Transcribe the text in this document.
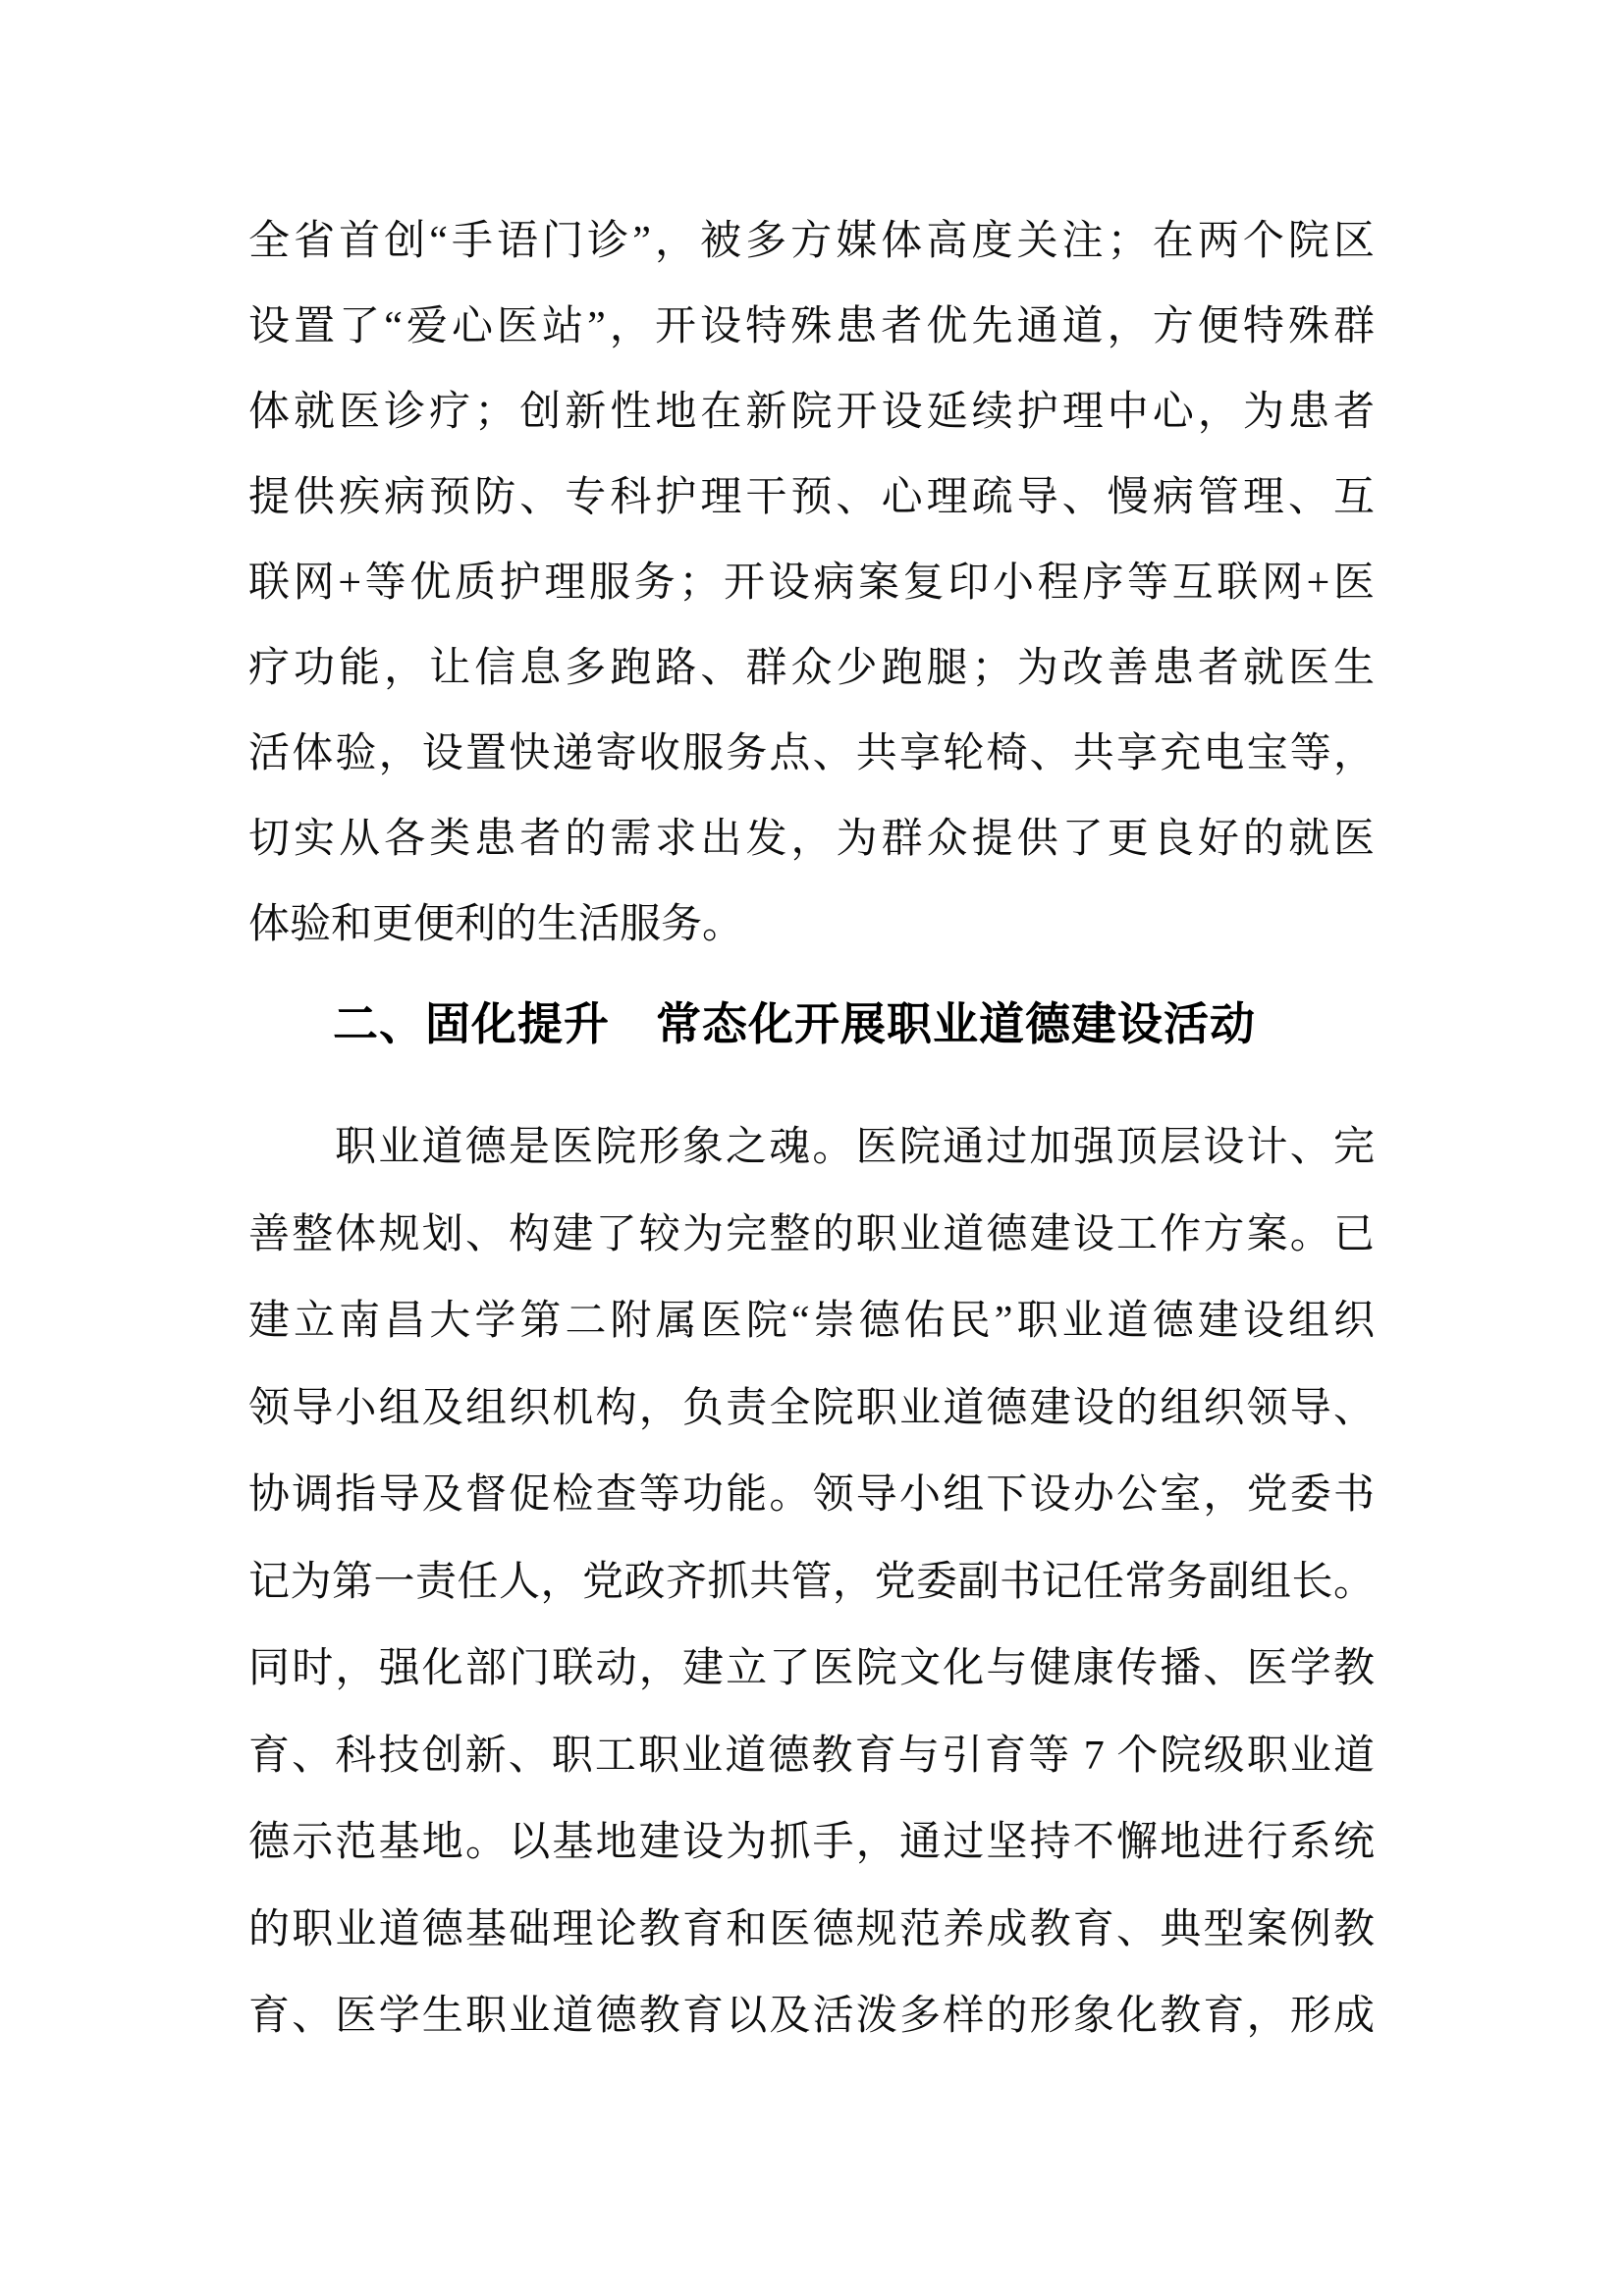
全省首创“手语门诊”，被多方媒体高度关注；在两个院区
设置了“爱心医站”，开设特殊患者优先通道，方便特殊群
体就医诊疗；创新性地在新院开设延续护理中心，为患者
提供疾病预防、专科护理干预、心理疏导、慢病管理、互
联网+等优质护理服务；开设病案复印小程序等互联网+医
疗功能，让信息多跑路、群众少跑腿；为改善患者就医生
活体验，设置快递寄收服务点、共享轮椅、共享充电宝等，
切实从各类患者的需求出发，为群众提供了更良好的就医
体验和更便利的生活服务。
二、固化提升　常态化开展职业道德建设活动
职业道德是医院形象之魂。医院通过加强顶层设计、完
善整体规划、构建了较为完整的职业道德建设工作方案。已
建立南昌大学第二附属医院“崇德佑民”职业道德建设组织
领导小组及组织机构，负责全院职业道德建设的组织领导、
协调指导及督促检查等功能。领导小组下设办公室，党委书
记为第一责任人，党政齐抓共管，党委副书记任常务副组长。
同时，强化部门联动，建立了医院文化与健康传播、医学教
育、科技创新、职工职业道德教育与引育等 7 个院级职业道
德示范基地。以基地建设为抓手，通过坚持不懈地进行系统
的职业道德基础理论教育和医德规范养成教育、典型案例教
育、医学生职业道德教育以及活泼多样的形象化教育，形成
